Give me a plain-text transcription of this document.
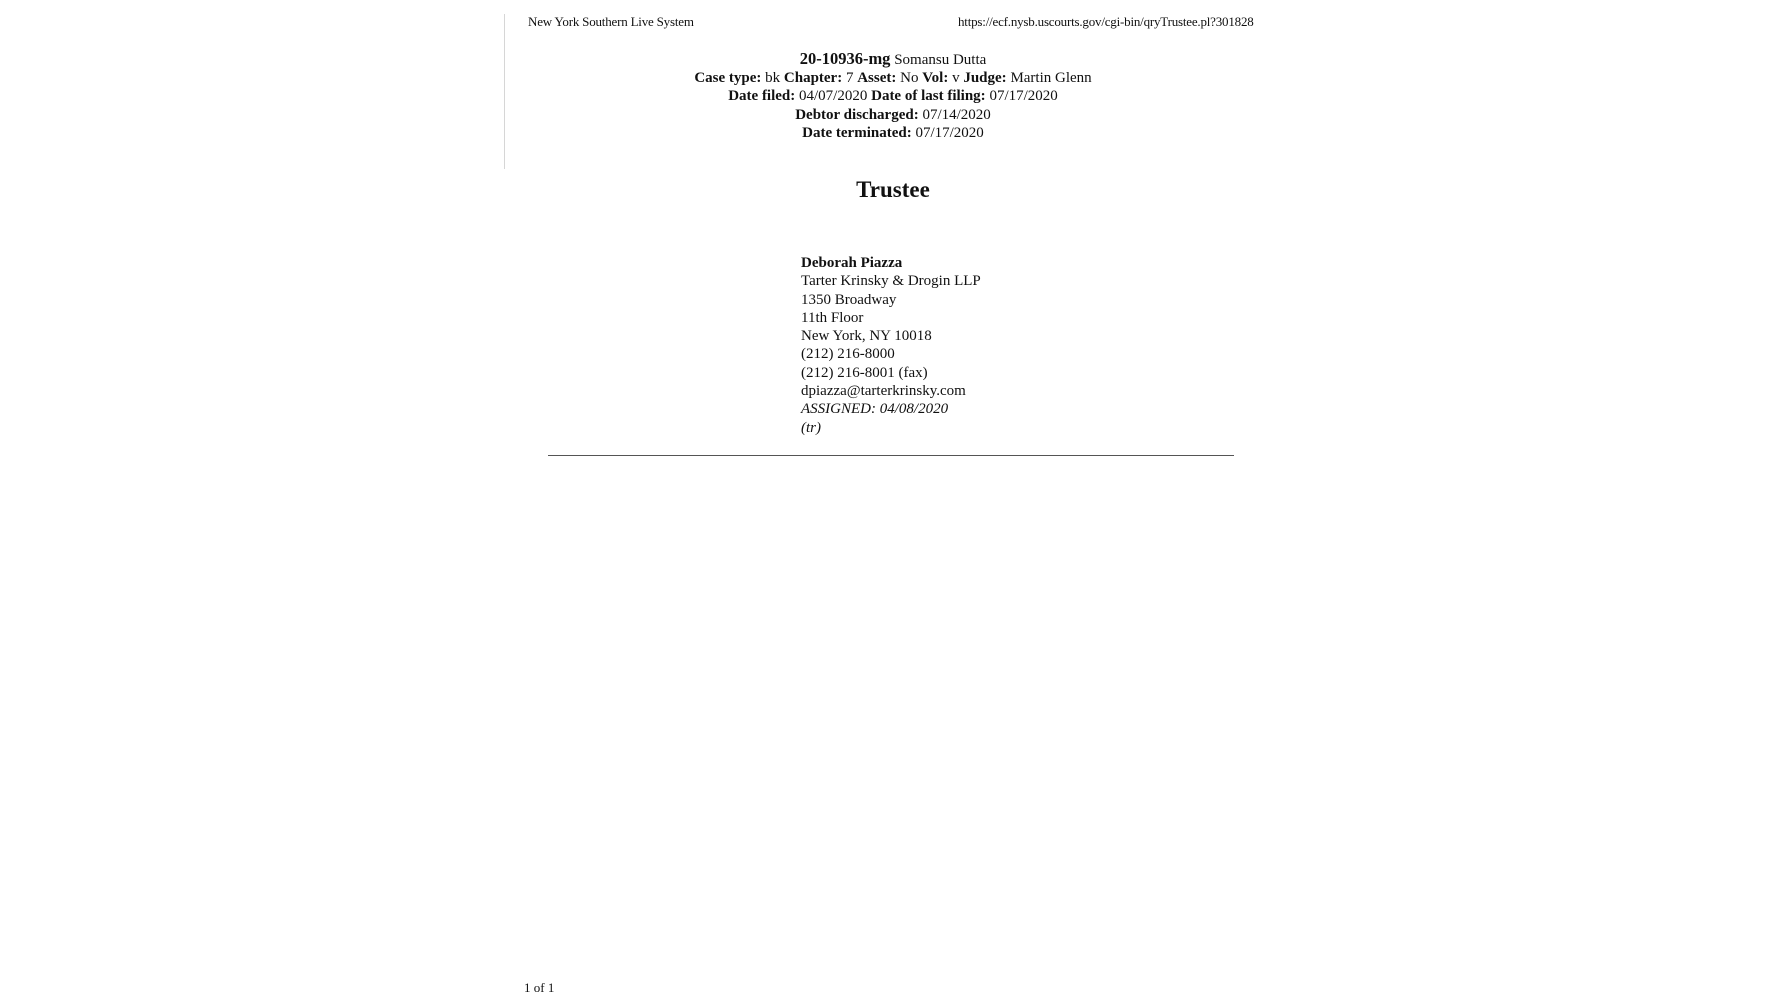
New York Southern Live System	https://ecf.nysb.uscourts.gov/cgi-bin/qryTrustee.pl?301828
20-10936-mg Somansu Dutta
Case type: bk Chapter: 7 Asset: No Vol: v Judge: Martin Glenn
Date filed: 04/07/2020 Date of last filing: 07/17/2020
Debtor discharged: 07/14/2020
Date terminated: 07/17/2020
Trustee
Deborah Piazza
Tarter Krinsky & Drogin LLP
1350 Broadway
11th Floor
New York, NY 10018
(212) 216-8000
(212) 216-8001 (fax)
dpiazza@tarterkrinsky.com
ASSIGNED: 04/08/2020
(tr)
1 of 1
